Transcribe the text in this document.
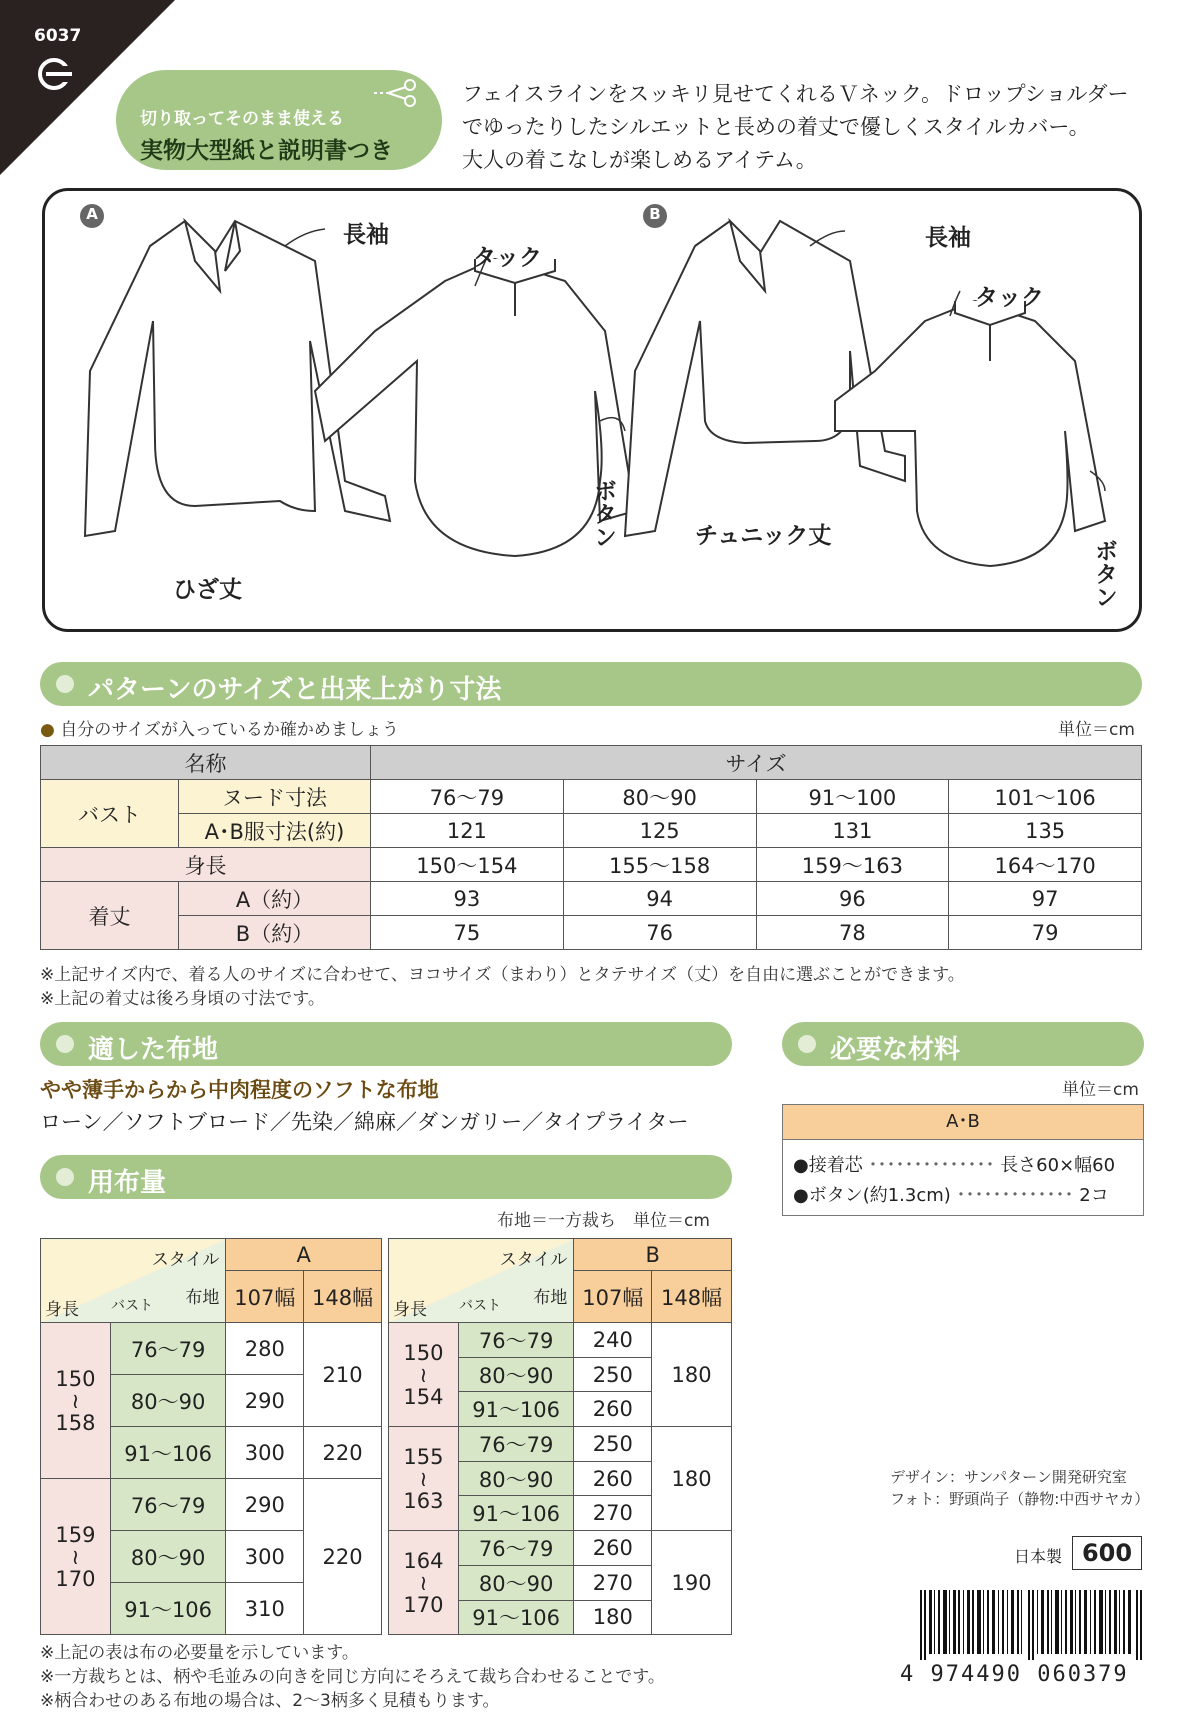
6037
切り取ってそのまま使える
実物大型紙と説明書つき
フェイスラインをスッキリ見せてくれるＶネック。ドロップショルダー
でゆったりしたシルエットと長めの着丈で優しくスタイルカバー。
大人の着こなしが楽しめるアイテム。
A	B
長袖
タック
ボタン
ひざ丈
長袖
タック
ボタン
チュニック丈
パターンのサイズと出来上がり寸法
● 自分のサイズが入っているか確かめましょう	単位＝cm
名称		サイズ			
バスト	ヌード寸法	76〜79	80〜90	91〜100	101〜106
	A･B服寸法(約)	121	125	131	135
身長		150〜154	155〜158	159〜163	164〜170
着丈	A（約）	93	94	96	97
	B（約）	75	76	78	79
※上記サイズ内で、着る人のサイズに合わせて、ヨコサイズ（まわり）とタテサイズ（丈）を自由に選ぶことができます。
※上記の着丈は後ろ身頃の寸法です。
適した布地
やや薄手からから中肉程度のソフトな布地
ローン／ソフトブロード／先染／綿麻／ダンガリー／タイプライター
必要な材料
単位＝cm
A･B
●接着芯 ･･････････････ 長さ60×幅60
●ボタン(約1.3cm) ･････････････ 2コ
用布量
布地＝一方裁ち　単位＝cm
スタイル
布地
バスト
身長		A	
		107幅	148幅
150
≀
158	76〜79	280	210
	80〜90	290	
	91〜106	300	220
159
≀
170	76〜79	290	220
	80〜90	300	
	91〜106	310	
スタイル
布地
バスト
身長		B	
		107幅	148幅
150
≀
154	76〜79	240	180
	80〜90	250	
	91〜106	260	
155
≀
163	76〜79	250	180
	80〜90	260	
	91〜106	270	
164
≀
170	76〜79	260	190
	80〜90	270	
	91〜106	180	
※上記の表は布の必要量を示しています。
※一方裁ちとは、柄や毛並みの向きを同じ方向にそろえて裁ち合わせることです。
※柄合わせのある布地の場合は、2〜3柄多く見積もります。
デザイン：サンパターン開発研究室
フォト：野頭尚子（静物:中西サヤカ）
日本製 600
4 974490 060379
